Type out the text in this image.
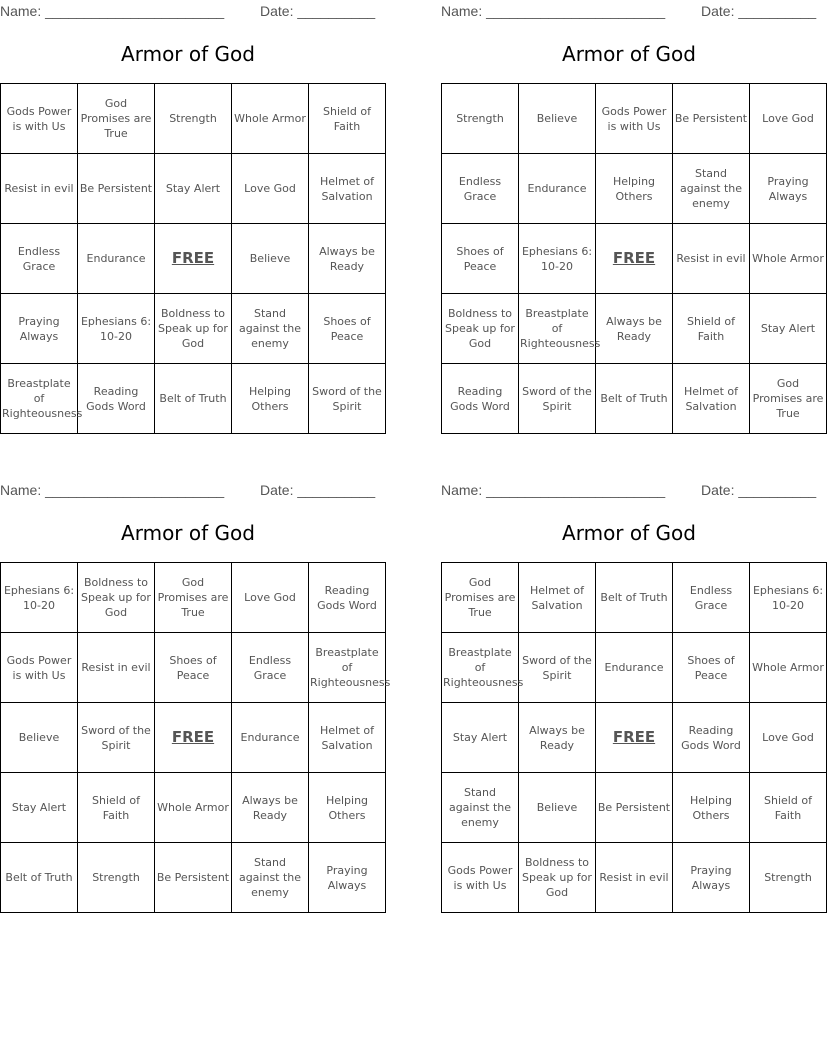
Name: _______________________	Date: __________
Armor of God
Gods Power is with Us	God Promises are True	Strength	Whole Armor	Shield of Faith
Resist in evil	Be Persistent	Stay Alert	Love God	Helmet of Salvation
Endless Grace	Endurance	FREE	Believe	Always be Ready
Praying Always	Ephesians 6: 10-20	Boldness to Speak up for God	Stand against the enemy	Shoes of Peace
Breastplate of Righteousness	Reading Gods Word	Belt of Truth	Helping Others	Sword of the Spirit
Name: _______________________	Date: __________
Armor of God
Strength	Believe	Gods Power is with Us	Be Persistent	Love God
Endless Grace	Endurance	Helping Others	Stand against the enemy	Praying Always
Shoes of Peace	Ephesians 6: 10-20	FREE	Resist in evil	Whole Armor
Boldness to Speak up for God	Breastplate of Righteousness	Always be Ready	Shield of Faith	Stay Alert
Reading Gods Word	Sword of the Spirit	Belt of Truth	Helmet of Salvation	God Promises are True
Name: _______________________	Date: __________
Armor of God
Ephesians 6: 10-20	Boldness to Speak up for God	God Promises are True	Love God	Reading Gods Word
Gods Power is with Us	Resist in evil	Shoes of Peace	Endless Grace	Breastplate of Righteousness
Believe	Sword of the Spirit	FREE	Endurance	Helmet of Salvation
Stay Alert	Shield of Faith	Whole Armor	Always be Ready	Helping Others
Belt of Truth	Strength	Be Persistent	Stand against the enemy	Praying Always
Name: _______________________	Date: __________
Armor of God
God Promises are True	Helmet of Salvation	Belt of Truth	Endless Grace	Ephesians 6: 10-20
Breastplate of Righteousness	Sword of the Spirit	Endurance	Shoes of Peace	Whole Armor
Stay Alert	Always be Ready	FREE	Reading Gods Word	Love God
Stand against the enemy	Believe	Be Persistent	Helping Others	Shield of Faith
Gods Power is with Us	Boldness to Speak up for God	Resist in evil	Praying Always	Strength
